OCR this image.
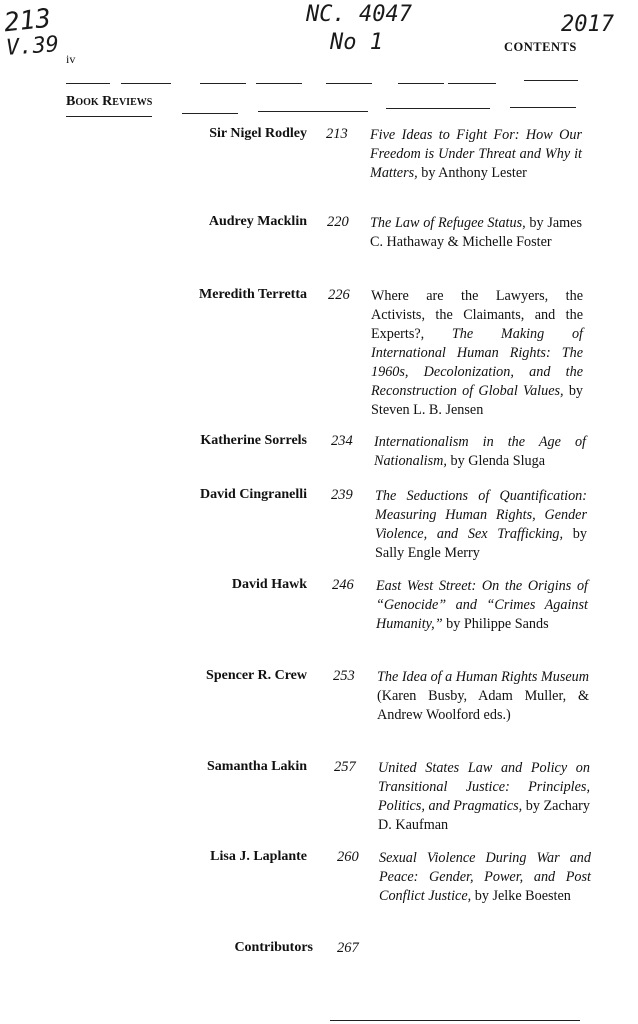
213
V.39
NC. 4047
No 1
2017
iv
CONTENTS
Book Reviews
Sir Nigel Rodley 213 Five Ideas to Fight For: How Our Freedom is Under Threat and Why it Matters, by Anthony Lester
Audrey Macklin 220 The Law of Refugee Status, by James C. Hathaway & Michelle Foster
Meredith Terretta 226 Where are the Lawyers, the Activists, the Claimants, and the Experts?, The Making of International Human Rights: The 1960s, Decolonization, and the Reconstruction of Global Values, by Steven L. B. Jensen
Katherine Sorrels 234 Internationalism in the Age of Nationalism, by Glenda Sluga
David Cingranelli 239 The Seductions of Quantification: Measuring Human Rights, Gender Violence, and Sex Trafficking, by Sally Engle Merry
David Hawk 246 East West Street: On the Origins of “Genocide” and “Crimes Against Humanity,” by Philippe Sands
Spencer R. Crew 253 The Idea of a Human Rights Museum (Karen Busby, Adam Muller, & Andrew Woolford eds.)
Samantha Lakin 257 United States Law and Policy on Transitional Justice: Principles, Politics, and Pragmatics, by Zachary D. Kaufman
Lisa J. Laplante 260 Sexual Violence During War and Peace: Gender, Power, and Post Conflict Justice, by Jelke Boesten
Contributors 267
